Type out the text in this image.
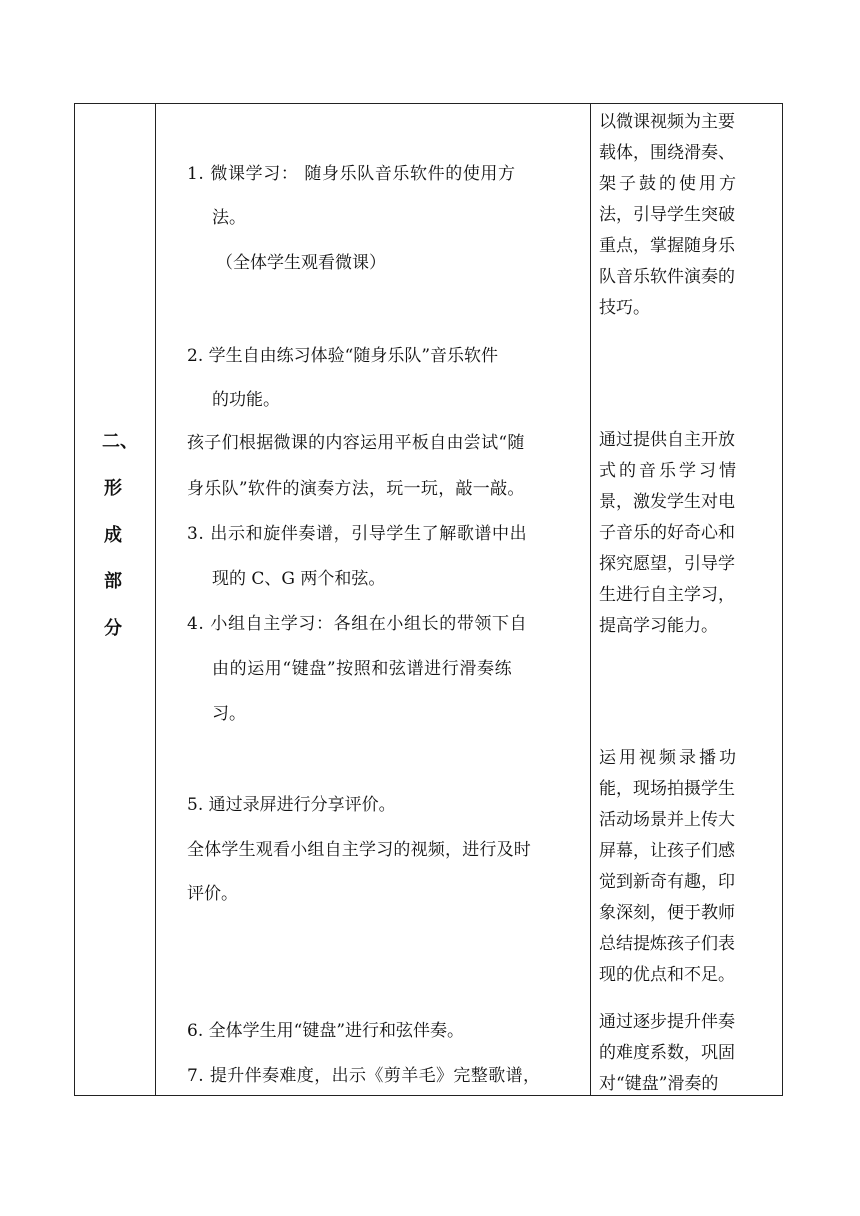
二、
形
成
部
分
1. 微课学习： 随身乐队音乐软件的使用方
法。
（全体学生观看微课）
2. 学生自由练习体验“随身乐队”音乐软件
的功能。
孩子们根据微课的内容运用平板自由尝试“随
身乐队”软件的演奏方法，玩一玩，敲一敲。
3. 出示和旋伴奏谱，引导学生了解歌谱中出
现的 C、G 两个和弦。
4. 小组自主学习：各组在小组长的带领下自
由的运用“键盘”按照和弦谱进行滑奏练
习。
5. 通过录屏进行分享评价。
全体学生观看小组自主学习的视频，进行及时
评价。
6. 全体学生用“键盘”进行和弦伴奏。
7. 提升伴奏难度，出示《剪羊毛》完整歌谱，
以微课视频为主要
载体，围绕滑奏、
架子鼓的使用方
法，引导学生突破
重点，掌握随身乐
队音乐软件演奏的
技巧。
通过提供自主开放
式的音乐学习情
景，激发学生对电
子音乐的好奇心和
探究愿望，引导学
生进行自主学习，
提高学习能力。
运用视频录播功
能，现场拍摄学生
活动场景并上传大
屏幕，让孩子们感
觉到新奇有趣，印
象深刻，便于教师
总结提炼孩子们表
现的优点和不足。
通过逐步提升伴奏
的难度系数，巩固
对“键盘”滑奏的
